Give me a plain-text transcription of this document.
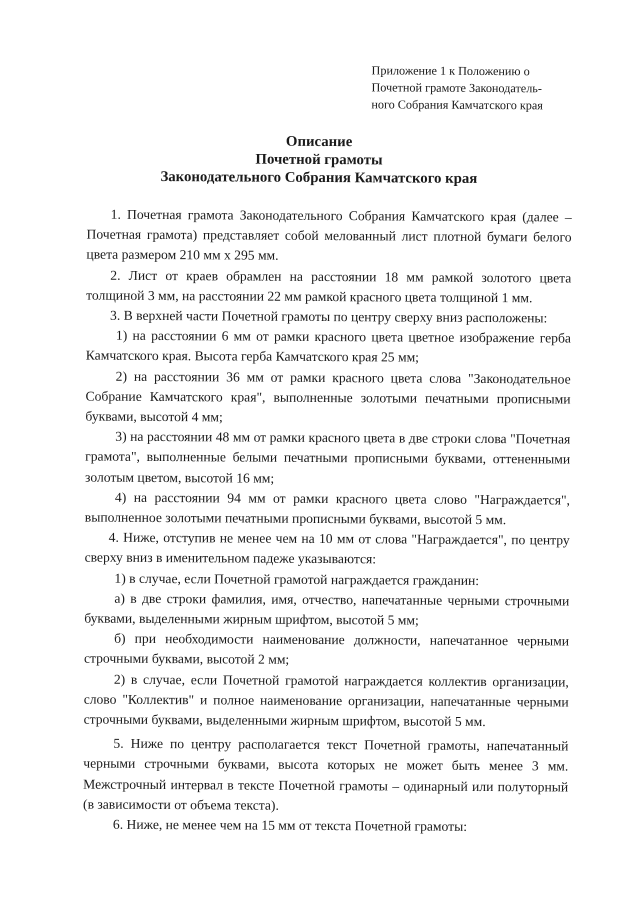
Приложение 1 к Положению о
Почетной грамоте Законодатель-
ного Собрания Камчатского края
Описание
Почетной грамоты
Законодательного Собрания Камчатского края

1. Почетная грамота Законодательного Собрания Камчатского края (далее – Почетная грамота) представляет собой мелованный лист плотной бумаги белого цвета размером 210 мм х 295 мм.

2. Лист от краев обрамлен на расстоянии 18 мм рамкой золотого цвета толщиной 3 мм, на расстоянии 22 мм рамкой красного цвета толщиной 1 мм.

3. В верхней части Почетной грамоты по центру сверху вниз расположены:

1) на расстоянии 6 мм от рамки красного цвета цветное изображение герба Камчатского края. Высота герба Камчатского края 25 мм;

2) на расстоянии 36 мм от рамки красного цвета слова "Законодательное Собрание Камчатского края", выполненные золотыми печатными прописными буквами, высотой 4 мм;

3) на расстоянии 48 мм от рамки красного цвета в две строки слова "Почетная грамота", выполненные белыми печатными прописными буквами, оттененными золотым цветом, высотой 16 мм;

4) на расстоянии 94 мм от рамки красного цвета слово "Награждается", выполненное золотыми печатными прописными буквами, высотой 5 мм.

4. Ниже, отступив не менее чем на 10 мм от слова "Награждается", по центру сверху вниз в именительном падеже указываются:

1) в случае, если Почетной грамотой награждается гражданин:

а) в две строки фамилия, имя, отчество, напечатанные черными строчными буквами, выделенными жирным шрифтом, высотой 5 мм;

б) при необходимости наименование должности, напечатанное черными строчными буквами, высотой 2 мм;

2) в случае, если Почетной грамотой награждается коллектив организации, слово "Коллектив" и полное наименование организации, напечатанные черными строчными буквами, выделенными жирным шрифтом, высотой 5 мм.

5. Ниже по центру располагается текст Почетной грамоты, напечатанный черными строчными буквами, высота которых не может быть менее 3 мм. Межстрочный интервал в тексте Почетной грамоты – одинарный или полуторный (в зависимости от объема текста).

6. Ниже, не менее чем на 15 мм от текста Почетной грамоты:
